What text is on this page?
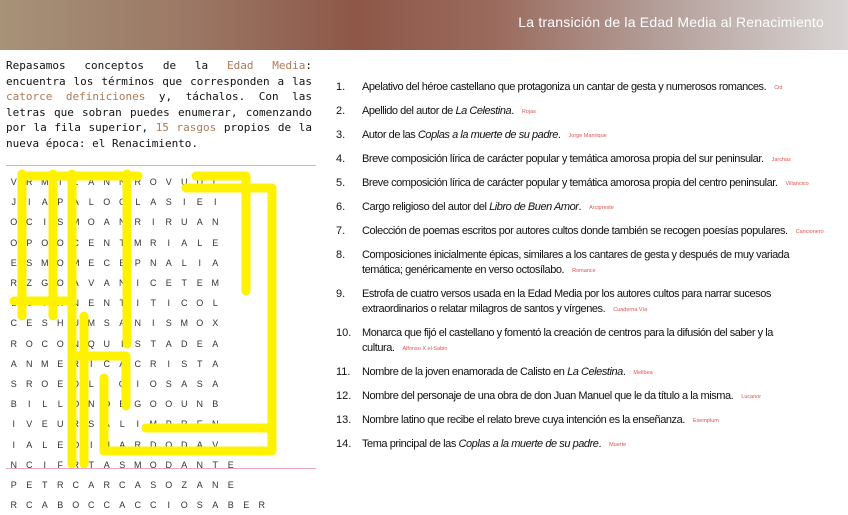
La transición de la Edad Media al Renacimiento
Repasamos conceptos de la Edad Media: encuentra los términos que corresponden a las catorce definiciones y, táchalos. Con las letras que sobran puedes enumerar, comenzando por la fila superior, 15 rasgos propios de la nueva época: el Renacimiento.
V	R M	T	L	Á	N	N	R O V	U	D	L
J	I	A	P	A	L	O C	L	A	S	I	E	I
O C	I	S M O A	N	R	I	R	U	A	N
O P O O C	E	N	T	M R	I	A	L	E
E	S M O M E	C	E	P	N	A	L	I	A
R	Z	G O A	V	A	N	I	C	E	T	E M
L	C	I	Ñ	N	E	N	T	I	T	I	C O	L
C	E	S	H	U M S	A	N	I	S M O X
R O C O N Q U	I	S	T	A	D	E	A
A	N M E	R	I	C	A	C	R	I	S	T	A
S	R O E	D	L	I	G	I	O S	A	S	A
B	I	L	L	O N O E G O O U	N	B
I	V	E	U	R	S	A	L	I	M P	R	E	N
I	A	L	E O	I	N	A	R	D O D	A	V
N	C	I	F	R	T	A	S M O D	A	N	T	E
P	E	T	R	C	A	R	C	A	S O	Z	A	N	E
R	C	A	B O C	C	A	C	C	I	O S	A	B	E	R
1.	Apelativo del héroe castellano que protagoniza un cantar de gesta y numerosos romances. Cid
2.	Apellido del autor de La Celestina. Rojas
3.	Autor de las Coplas a la muerte de su padre. Jorge Manrique
4.	Breve composición lírica de carácter popular y temática amorosa propia del sur peninsular. Jarchas
5.	Breve composición lírica de carácter popular y temática amorosa propia del centro peninsular. Villancico
6.	Cargo religioso del autor del Libro de Buen Amor. Arcipreste
7.	Colección de poemas escritos por autores cultos donde también se recogen poesías populares. Cancionero
8.	Composiciones inicialmente épicas, similares a los cantares de gesta y después de muy variada temática; genéricamente en verso octosílabo. Romance
9.	Estrofa de cuatro versos usada en la Edad Media por los autores cultos para narrar sucesos extraordinarios o relatar milagros de santos y vírgenes. Cuaderna Vía
10. Monarca que fijó el castellano y fomentó la creación de centros para la difusión del saber y la cultura. Alfonso X el Sabio
11.	Nombre de la joven enamorada de Calisto en La Celestina. Melibea
12. Nombre del personaje de una obra de don Juan Manuel que le da título a la misma. Lucanor
13. Nombre latino que recibe el relato breve cuya intención es la enseñanza. Exemplum
14. Tema principal de las Coplas a la muerte de su padre. Muerte
